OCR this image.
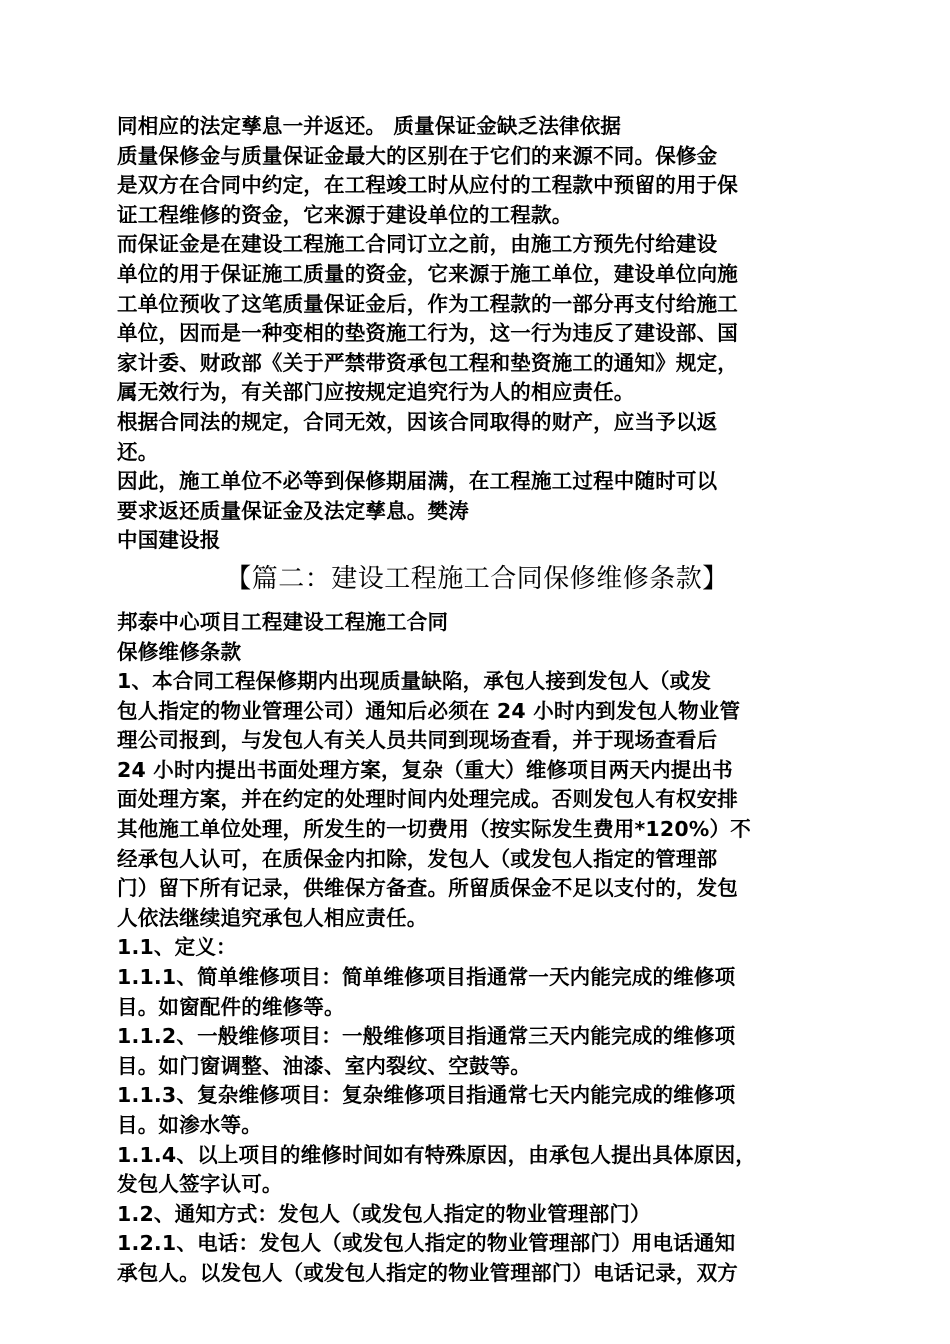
同相应的法定孳息一并返还。 质量保证金缺乏法律依据
质量保修金与质量保证金最大的区别在于它们的来源不同。保修金
是双方在合同中约定，在工程竣工时从应付的工程款中预留的用于保
证工程维修的资金，它来源于建设单位的工程款。
而保证金是在建设工程施工合同订立之前，由施工方预先付给建设
单位的用于保证施工质量的资金，它来源于施工单位，建设单位向施
工单位预收了这笔质量保证金后，作为工程款的一部分再支付给施工
单位，因而是一种变相的垫资施工行为，这一行为违反了建设部、国
家计委、财政部《关于严禁带资承包工程和垫资施工的通知》规定，
属无效行为，有关部门应按规定追究行为人的相应责任。
根据合同法的规定，合同无效，因该合同取得的财产，应当予以返
还。
因此，施工单位不必等到保修期届满，在工程施工过程中随时可以
要求返还质量保证金及法定孳息。樊涛
中国建设报
【篇二：建设工程施工合同保修维修条款】
邦泰中心项目工程建设工程施工合同
保修维修条款
1、本合同工程保修期内出现质量缺陷，承包人接到发包人（或发
包人指定的物业管理公司）通知后必须在 24 小时内到发包人物业管
理公司报到，与发包人有关人员共同到现场查看，并于现场查看后
24 小时内提出书面处理方案，复杂（重大）维修项目两天内提出书
面处理方案，并在约定的处理时间内处理完成。否则发包人有权安排
其他施工单位处理，所发生的一切费用（按实际发生费用*120%）不
经承包人认可，在质保金内扣除，发包人（或发包人指定的管理部
门）留下所有记录，供维保方备查。所留质保金不足以支付的，发包
人依法继续追究承包人相应责任。
1.1、定义：
1.1.1、简单维修项目：简单维修项目指通常一天内能完成的维修项
目。如窗配件的维修等。
1.1.2、一般维修项目：一般维修项目指通常三天内能完成的维修项
目。如门窗调整、油漆、室内裂纹、空鼓等。
1.1.3、复杂维修项目：复杂维修项目指通常七天内能完成的维修项
目。如渗水等。
1.1.4、以上项目的维修时间如有特殊原因，由承包人提出具体原因，
发包人签字认可。
1.2、通知方式：发包人（或发包人指定的物业管理部门）
1.2.1、电话：发包人（或发包人指定的物业管理部门）用电话通知
承包人。以发包人（或发包人指定的物业管理部门）电话记录，双方
